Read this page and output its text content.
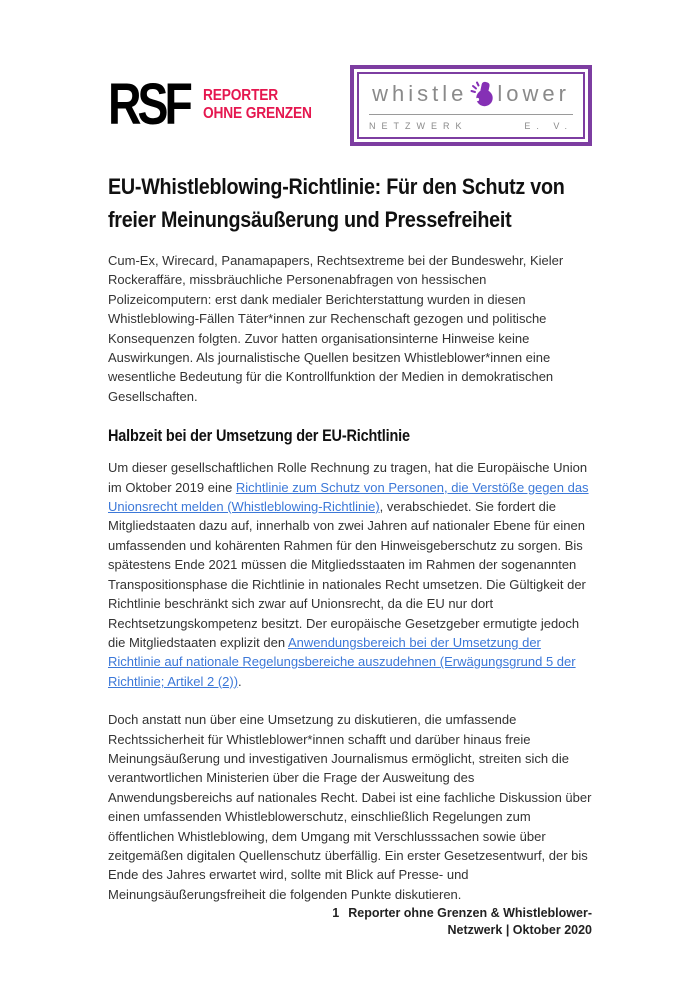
RSF REPORTER
OHNE GRENZEN
whistle lower
NETZWERK	E. V.
EU-Whistleblowing-Richtlinie: Für den Schutz von freier Meinungsäußerung und Pressefreiheit

Cum-Ex, Wirecard, Panamapapers, Rechtsextreme bei der Bundeswehr, Kieler Rockeraffäre, missbräuchliche Personenabfragen von hessischen Polizeicomputern: erst dank medialer Berichterstattung wurden in diesen Whistleblowing-Fällen Täter*innen zur Rechenschaft gezogen und politische Konsequenzen folgten. Zuvor hatten organisationsinterne Hinweise keine Auswirkungen. Als journalistische Quellen besitzen Whistleblower*innen eine wesentliche Bedeutung für die Kontrollfunktion der Medien in demokratischen Gesellschaften.

Halbzeit bei der Umsetzung der EU-Richtlinie

Um dieser gesellschaftlichen Rolle Rechnung zu tragen, hat die Europäische Union im Oktober 2019 eine Richtlinie zum Schutz von Personen, die Verstöße gegen das Unionsrecht melden (Whistleblowing-Richtlinie), verabschiedet. Sie fordert die Mitgliedstaaten dazu auf, innerhalb von zwei Jahren auf nationaler Ebene für einen umfassenden und kohärenten Rahmen für den Hinweisgeberschutz zu sorgen. Bis spätestens Ende 2021 müssen die Mitgliedsstaaten im Rahmen der sogenannten Transpositionsphase die Richtlinie in nationales Recht umsetzen. Die Gültigkeit der Richtlinie beschränkt sich zwar auf Unionsrecht, da die EU nur dort Rechtsetzungskompetenz besitzt. Der europäische Gesetzgeber ermutigte jedoch die Mitgliedstaaten explizit den Anwendungsbereich bei der Umsetzung der Richtlinie auf nationale Regelungsbereiche auszudehnen (Erwägungsgrund 5 der Richtlinie; Artikel 2 (2)).

Doch anstatt nun über eine Umsetzung zu diskutieren, die umfassende Rechtssicherheit für Whistleblower*innen schafft und darüber hinaus freie Meinungsäußerung und investigativen Journalismus ermöglicht, streiten sich die verantwortlichen Ministerien über die Frage der Ausweitung des Anwendungsbereichs auf nationales Recht. Dabei ist eine fachliche Diskussion über einen umfassenden Whistleblowerschutz, einschließlich Regelungen zum öffentlichen Whistleblowing, dem Umgang mit Verschlusssachen sowie über zeitgemäßen digitalen Quellenschutz überfällig. Ein erster Gesetzesentwurf, der bis Ende des Jahres erwartet wird, sollte mit Blick auf Presse- und Meinungsäußerungsfreiheit die folgenden Punkte diskutieren.

1 Reporter ohne Grenzen & Whistleblower-
Netzwerk | Oktober 2020
